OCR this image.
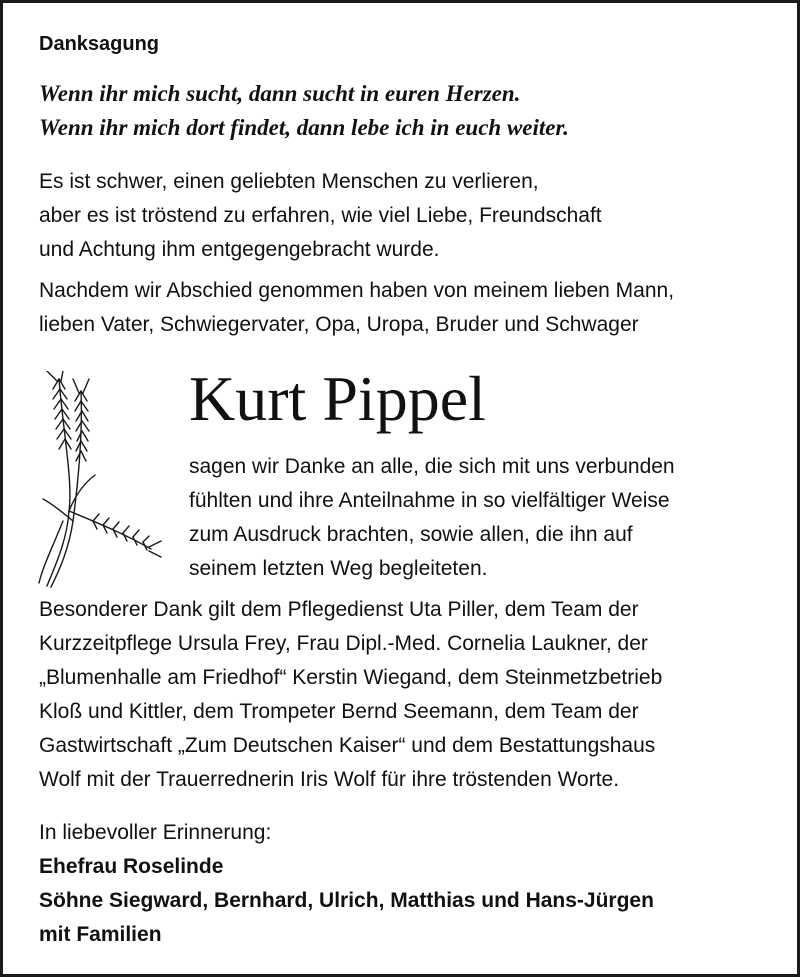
Danksagung
Wenn ihr mich sucht, dann sucht in euren Herzen.
Wenn ihr mich dort findet, dann lebe ich in euch weiter.
Es ist schwer, einen geliebten Menschen zu verlieren,
aber es ist tröstend zu erfahren, wie viel Liebe, Freundschaft
und Achtung ihm entgegengebracht wurde.
Nachdem wir Abschied genommen haben von meinem lieben Mann,
lieben Vater, Schwiegervater, Opa, Uropa, Bruder und Schwager
Kurt Pippel
sagen wir Danke an alle, die sich mit uns verbunden
fühlten und ihre Anteilnahme in so vielfältiger Weise
zum Ausdruck brachten, sowie allen, die ihn auf
seinem letzten Weg begleiteten.
Besonderer Dank gilt dem Pflegedienst Uta Piller, dem Team der
Kurzzeitpflege Ursula Frey, Frau Dipl.-Med. Cornelia Laukner, der
„Blumenhalle am Friedhof“ Kerstin Wiegand, dem Steinmetzbetrieb
Kloß und Kittler, dem Trompeter Bernd Seemann, dem Team der
Gastwirtschaft „Zum Deutschen Kaiser“ und dem Bestattungshaus
Wolf mit der Trauerrednerin Iris Wolf für ihre tröstenden Worte.
In liebevoller Erinnerung:
Ehefrau Roselinde
Söhne Siegward, Bernhard, Ulrich, Matthias und Hans-Jürgen
mit Familien
